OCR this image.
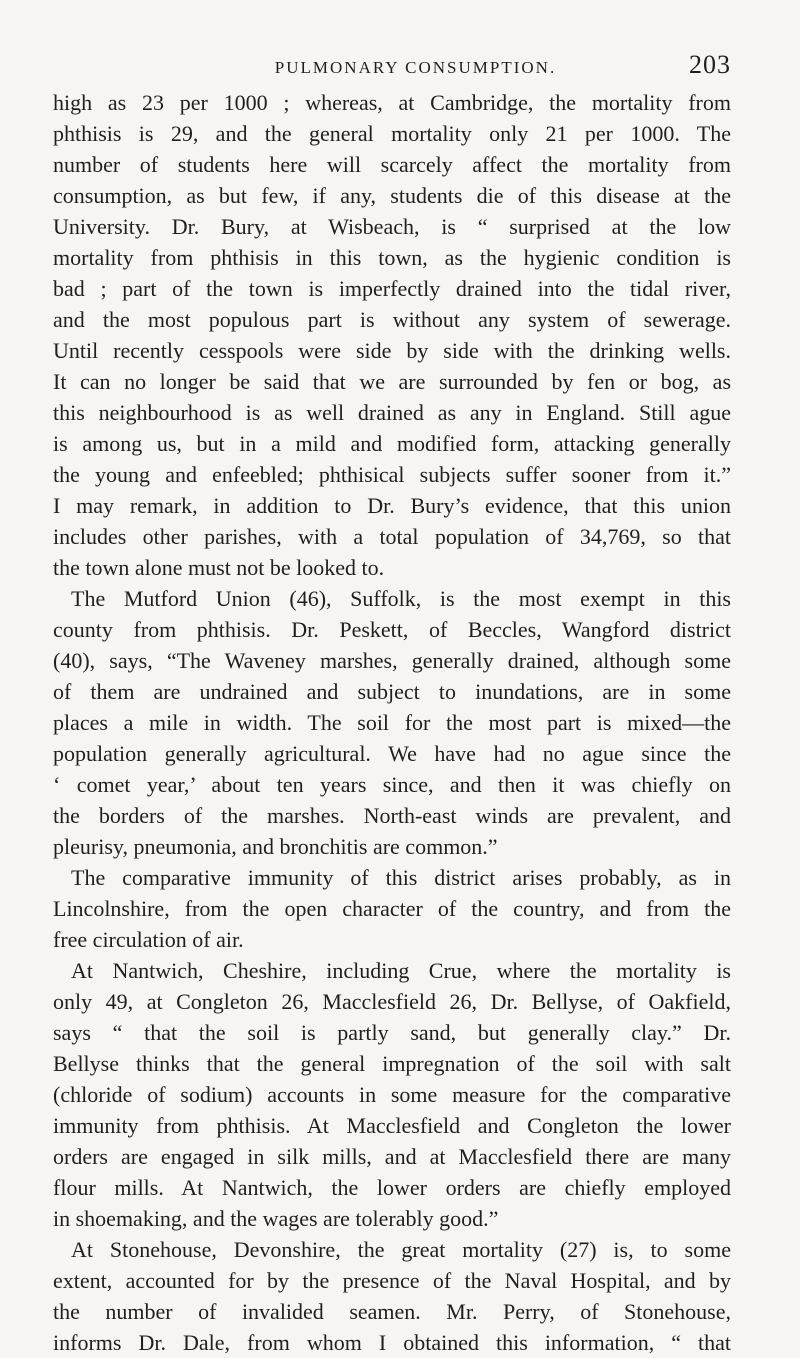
PULMONARY CONSUMPTION.	203
high as 23 per 1000 ; whereas, at Cambridge, the mortality from
phthisis is 29, and the general mortality only 21 per 1000. The
number of students here will scarcely affect the mortality from
consumption, as but few, if any, students die of this disease at the
University. Dr. Bury, at Wisbeach, is “ surprised at the low
mortality from phthisis in this town, as the hygienic condition is
bad ; part of the town is imperfectly drained into the tidal river,
and the most populous part is without any system of sewerage.
Until recently cesspools were side by side with the drinking wells.
It can no longer be said that we are surrounded by fen or bog, as
this neighbourhood is as well drained as any in England. Still ague
is among us, but in a mild and modified form, attacking generally
the young and enfeebled; phthisical subjects suffer sooner from it.”
I may remark, in addition to Dr. Bury’s evidence, that this union
includes other parishes, with a total population of 34,769, so that
the town alone must not be looked to.
The Mutford Union (46), Suffolk, is the most exempt in this
county from phthisis. Dr. Peskett, of Beccles, Wangford district
(40), says, “The Waveney marshes, generally drained, although some
of them are undrained and subject to inundations, are in some
places a mile in width. The soil for the most part is mixed—the
population generally agricultural. We have had no ague since the
‘ comet year,’ about ten years since, and then it was chiefly on
the borders of the marshes. North-east winds are prevalent, and
pleurisy, pneumonia, and bronchitis are common.”
The comparative immunity of this district arises probably, as in
Lincolnshire, from the open character of the country, and from the
free circulation of air.
At Nantwich, Cheshire, including Crue, where the mortality is
only 49, at Congleton 26, Macclesfield 26, Dr. Bellyse, of Oakfield,
says “ that the soil is partly sand, but generally clay.” Dr.
Bellyse thinks that the general impregnation of the soil with salt
(chloride of sodium) accounts in some measure for the comparative
immunity from phthisis. At Macclesfield and Congleton the lower
orders are engaged in silk mills, and at Macclesfield there are many
flour mills. At Nantwich, the lower orders are chiefly employed
in shoemaking, and the wages are tolerably good.”
At Stonehouse, Devonshire, the great mortality (27) is, to some
extent, accounted for by the presence of the Naval Hospital, and by
the number of invalided seamen. Mr. Perry, of Stonehouse,
informs Dr. Dale, from whom I obtained this information, “ that
